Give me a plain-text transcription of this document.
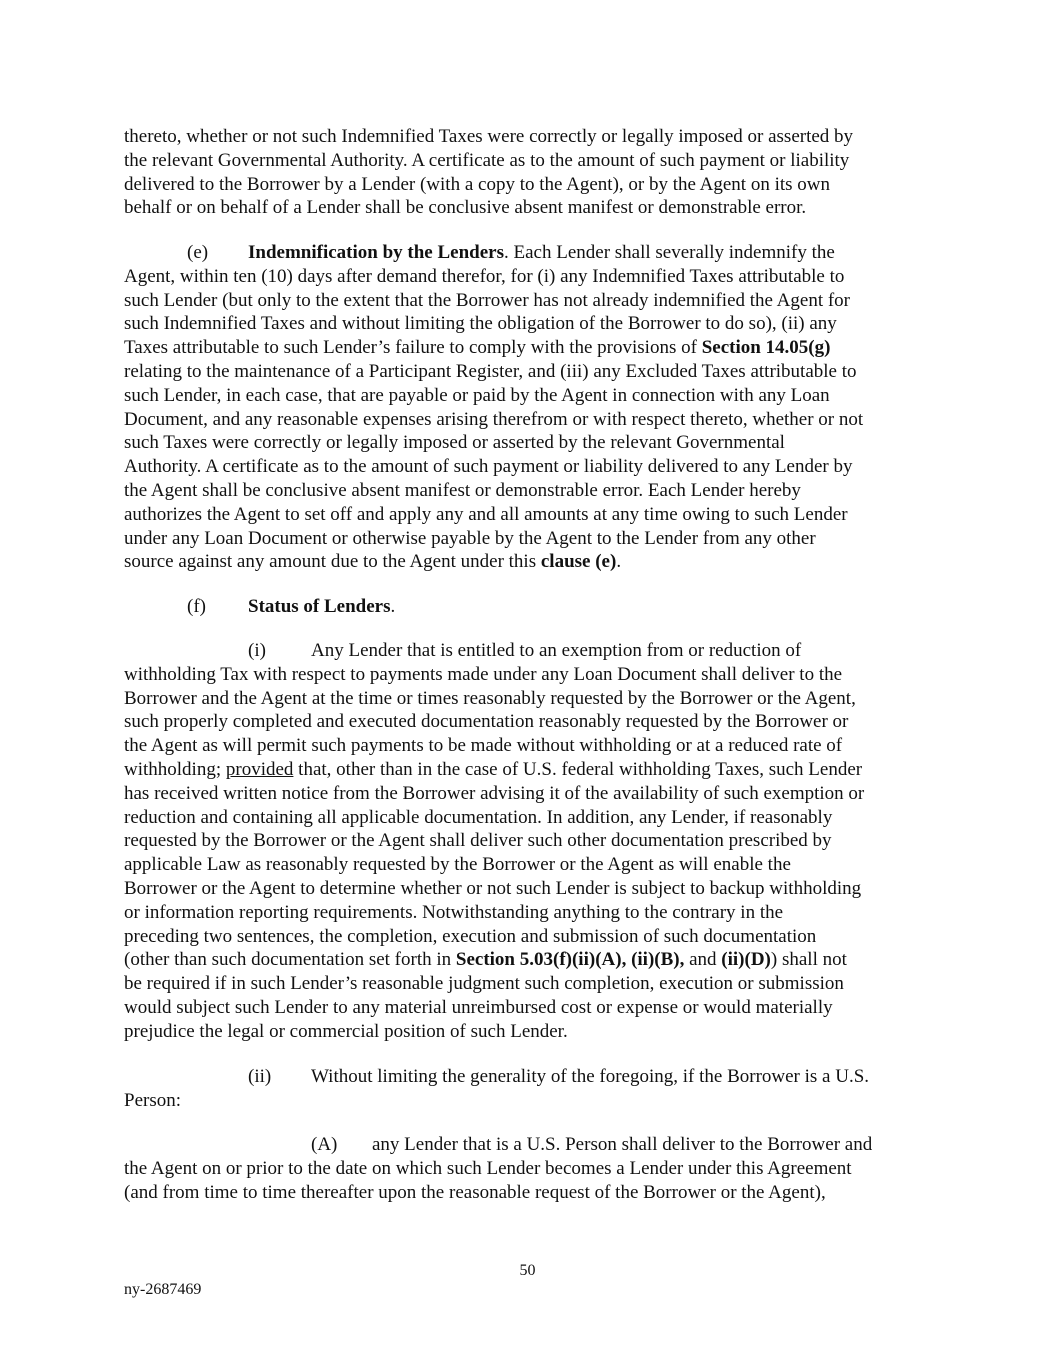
thereto, whether or not such Indemnified Taxes were correctly or legally imposed or asserted by
the relevant Governmental Authority. A certificate as to the amount of such payment or liability
delivered to the Borrower by a Lender (with a copy to the Agent), or by the Agent on its own
behalf or on behalf of a Lender shall be conclusive absent manifest or demonstrable error.
(e)	Indemnification by the Lenders. Each Lender shall severally indemnify the
Agent, within ten (10) days after demand therefor, for (i) any Indemnified Taxes attributable to
such Lender (but only to the extent that the Borrower has not already indemnified the Agent for
such Indemnified Taxes and without limiting the obligation of the Borrower to do so), (ii) any
Taxes attributable to such Lender’s failure to comply with the provisions of Section 14.05(g)
relating to the maintenance of a Participant Register, and (iii) any Excluded Taxes attributable to
such Lender, in each case, that are payable or paid by the Agent in connection with any Loan
Document, and any reasonable expenses arising therefrom or with respect thereto, whether or not
such Taxes were correctly or legally imposed or asserted by the relevant Governmental
Authority. A certificate as to the amount of such payment or liability delivered to any Lender by
the Agent shall be conclusive absent manifest or demonstrable error. Each Lender hereby
authorizes the Agent to set off and apply any and all amounts at any time owing to such Lender
under any Loan Document or otherwise payable by the Agent to the Lender from any other
source against any amount due to the Agent under this clause (e).
(f) Status of Lenders.
(i)	Any Lender that is entitled to an exemption from or reduction of
withholding Tax with respect to payments made under any Loan Document shall deliver to the
Borrower and the Agent at the time or times reasonably requested by the Borrower or the Agent,
such properly completed and executed documentation reasonably requested by the Borrower or
the Agent as will permit such payments to be made without withholding or at a reduced rate of
withholding; provided that, other than in the case of U.S. federal withholding Taxes, such Lender
has received written notice from the Borrower advising it of the availability of such exemption or
reduction and containing all applicable documentation. In addition, any Lender, if reasonably
requested by the Borrower or the Agent shall deliver such other documentation prescribed by
applicable Law as reasonably requested by the Borrower or the Agent as will enable the
Borrower or the Agent to determine whether or not such Lender is subject to backup withholding
or information reporting requirements. Notwithstanding anything to the contrary in the
preceding two sentences, the completion, execution and submission of such documentation
(other than such documentation set forth in Section 5.03(f)(ii)(A), (ii)(B), and (ii)(D)) shall not
be required if in such Lender’s reasonable judgment such completion, execution or submission
would subject such Lender to any material unreimbursed cost or expense or would materially
prejudice the legal or commercial position of such Lender.
(ii)	Without limiting the generality of the foregoing, if the Borrower is a U.S.
Person:
(A)	any Lender that is a U.S. Person shall deliver to the Borrower and
the Agent on or prior to the date on which such Lender becomes a Lender under this Agreement
(and from time to time thereafter upon the reasonable request of the Borrower or the Agent),
50
ny-2687469
